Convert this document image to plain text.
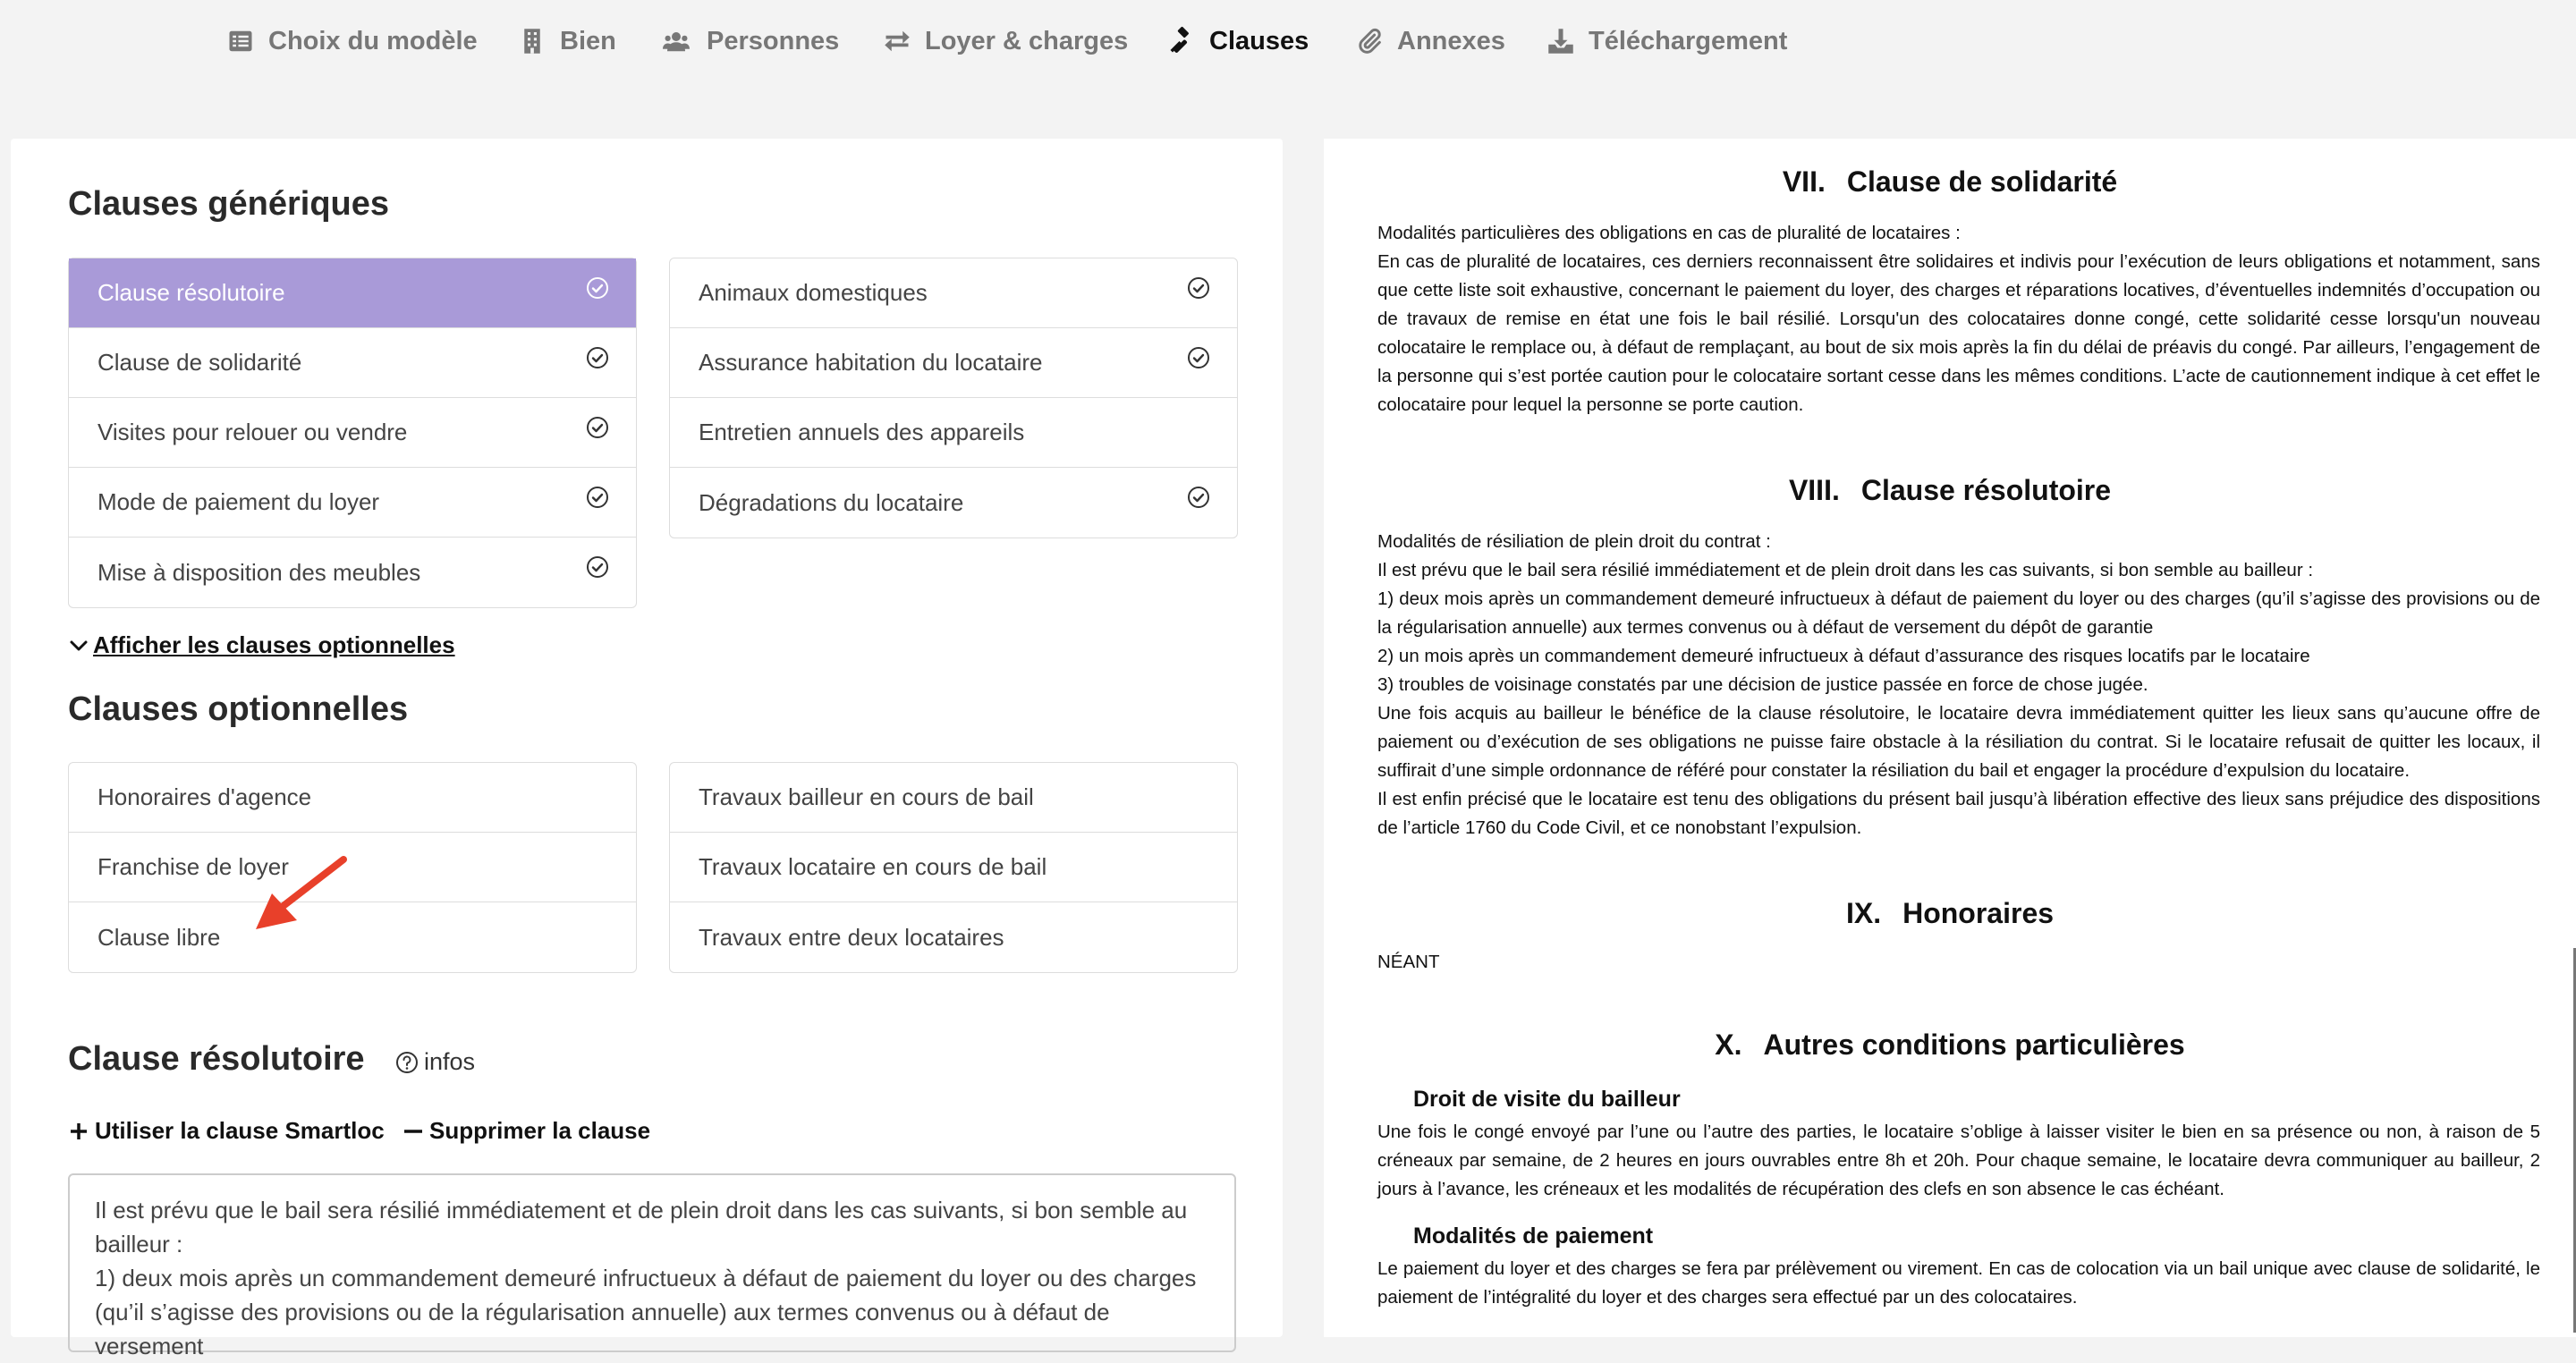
Choix du modèle	Bien	Personnes	Loyer & charges	Clauses	Annexes	Téléchargement
Clauses génériques
Clause résolutoire
Clause de solidarité
Visites pour relouer ou vendre
Mode de paiement du loyer
Mise à disposition des meubles
Animaux domestiques
Assurance habitation du locataire
Entretien annuels des appareils
Dégradations du locataire
Afficher les clauses optionnelles
Clauses optionnelles
Honoraires d'agence
Franchise de loyer
Clause libre
Travaux bailleur en cours de bail
Travaux locataire en cours de bail
Travaux entre deux locataires
Clause résolutoire infos
Utiliser la clause Smartloc Supprimer la clause
Il est prévu que le bail sera résilié immédiatement et de plein droit dans les cas suivants, si bon semble au bailleur :
1) deux mois après un commandement demeuré infructueux à défaut de paiement du loyer ou des charges (qu’il s’agisse des provisions ou de la régularisation annuelle) aux termes convenus ou à défaut de versement
VII. Clause de solidarité
Modalités particulières des obligations en cas de pluralité de locataires :
En cas de pluralité de locataires, ces derniers reconnaissent être solidaires et indivis pour l’exécution de leurs obligations et notamment, sans que cette liste soit exhaustive, concernant le paiement du loyer, des charges et réparations locatives, d’éventuelles indemnités d’occupation ou de travaux de remise en état une fois le bail résilié. Lorsqu'un des colocataires donne congé, cette solidarité cesse lorsqu'un nouveau colocataire le remplace ou, à défaut de remplaçant, au bout de six mois après la fin du délai de préavis du congé. Par ailleurs, l’engagement de la personne qui s’est portée caution pour le colocataire sortant cesse dans les mêmes conditions. L’acte de cautionnement indique à cet effet le colocataire pour lequel la personne se porte caution.
VIII. Clause résolutoire
Modalités de résiliation de plein droit du contrat :
Il est prévu que le bail sera résilié immédiatement et de plein droit dans les cas suivants, si bon semble au bailleur :
1) deux mois après un commandement demeuré infructueux à défaut de paiement du loyer ou des charges (qu’il s’agisse des provisions ou de la régularisation annuelle) aux termes convenus ou à défaut de versement du dépôt de garantie
2) un mois après un commandement demeuré infructueux à défaut d’assurance des risques locatifs par le locataire
3) troubles de voisinage constatés par une décision de justice passée en force de chose jugée.
Une fois acquis au bailleur le bénéfice de la clause résolutoire, le locataire devra immédiatement quitter les lieux sans qu’aucune offre de paiement ou d’exécution de ses obligations ne puisse faire obstacle à la résiliation du contrat. Si le locataire refusait de quitter les locaux, il suffirait d’une simple ordonnance de référé pour constater la résiliation du bail et engager la procédure d’expulsion du locataire.
Il est enfin précisé que le locataire est tenu des obligations du présent bail jusqu’à libération effective des lieux sans préjudice des dispositions de l’article 1760 du Code Civil, et ce nonobstant l’expulsion.
IX. Honoraires
NÉANT
X. Autres conditions particulières
Droit de visite du bailleur
Une fois le congé envoyé par l’une ou l’autre des parties, le locataire s’oblige à laisser visiter le bien en sa présence ou non, à raison de 5 créneaux par semaine, de 2 heures en jours ouvrables entre 8h et 20h. Pour chaque semaine, le locataire devra communiquer au bailleur, 2 jours à l’avance, les créneaux et les modalités de récupération des clefs en son absence le cas échéant.
Modalités de paiement
Le paiement du loyer et des charges se fera par prélèvement ou virement. En cas de colocation via un bail unique avec clause de solidarité, le paiement de l’intégralité du loyer et des charges sera effectué par un des colocataires.
